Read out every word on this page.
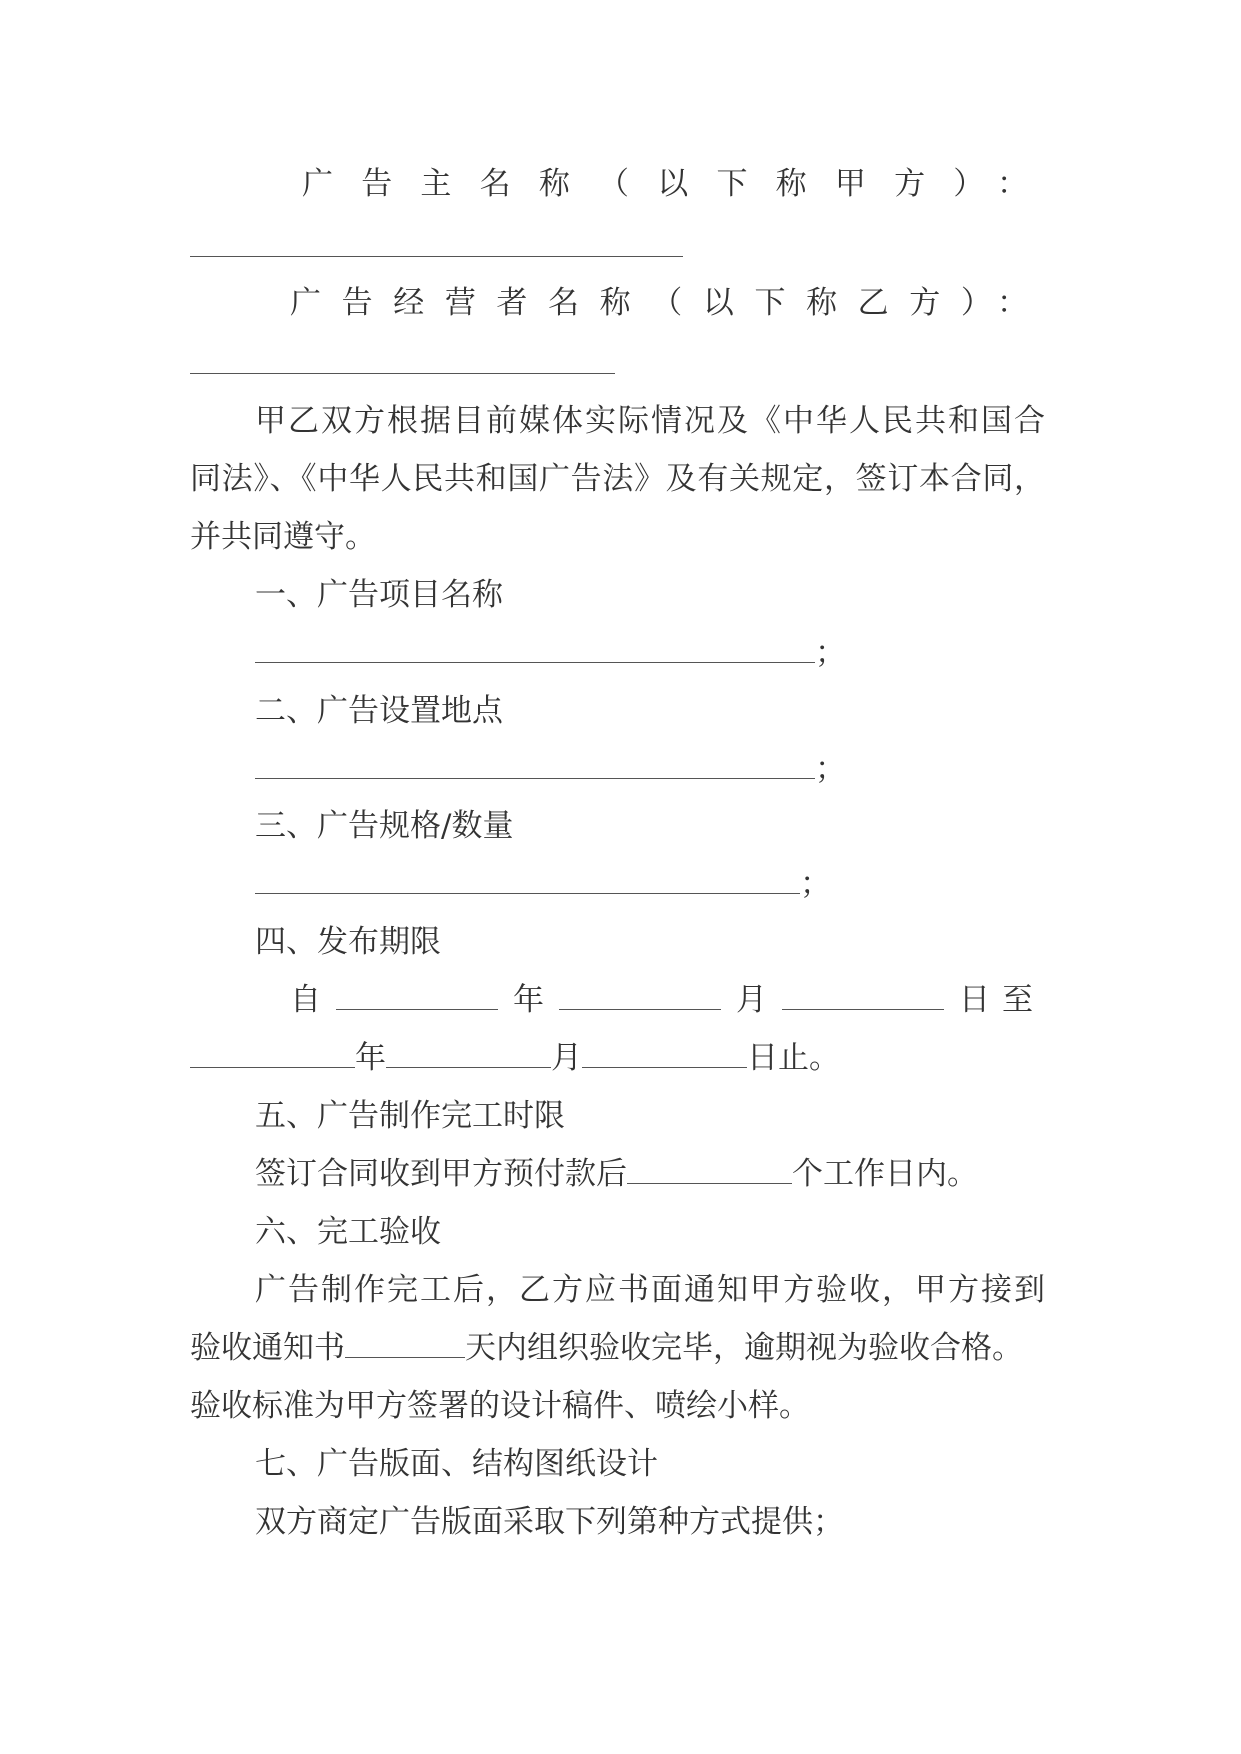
广告主名称（以下称甲方）：
广告经营者名称（以下称乙方）：
甲乙双方根据目前媒体实际情况及《中华人民共和国合
同法》、《中华人民共和国广告法》及有关规定，签订本合同，
并共同遵守。
一、广告项目名称
；
二、广告设置地点
；
三、广告规格/数量
；
四、发布期限
自	年	月	日至
年	月	日止。
五、广告制作完工时限
签订合同收到甲方预付款后	个工作日内。
六、完工验收
广告制作完工后，乙方应书面通知甲方验收，甲方接到
验收通知书	天内组织验收完毕，逾期视为验收合格。
验收标准为甲方签署的设计稿件、喷绘小样。
七、广告版面、结构图纸设计
双方商定广告版面采取下列第种方式提供；
